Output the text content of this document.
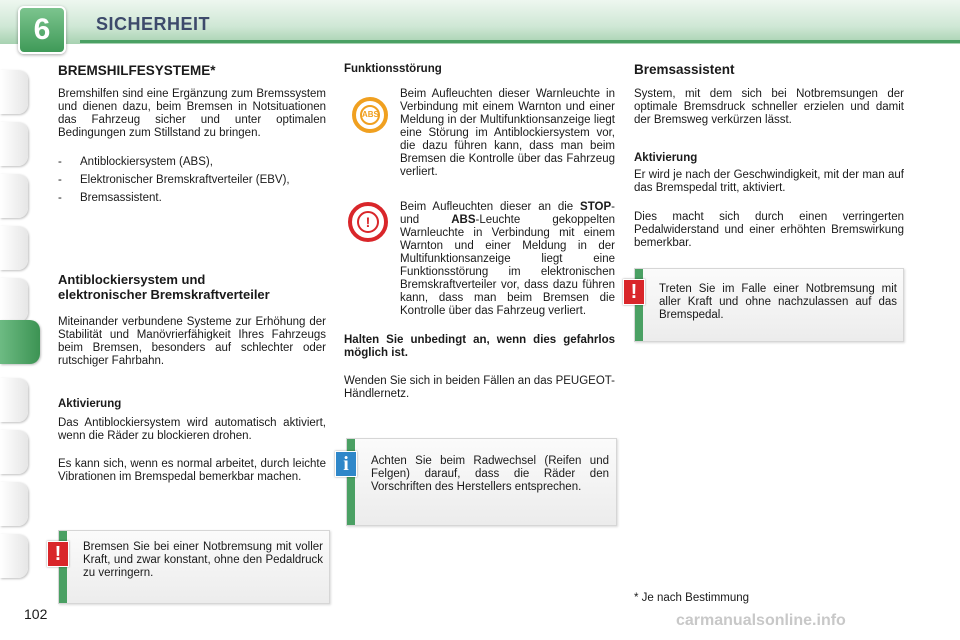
6	SICHERHEIT
BREMSHILFESYSTEME*

Bremshilfen sind eine Ergänzung zum Bremssystem und dienen dazu, beim Bremsen in Notsituationen das Fahrzeug sicher und unter optimalen Bedingungen zum Stillstand zu bringen.

- Antiblockiersystem (ABS),

- Elektronischer Bremskraftverteiler (EBV),

- Bremsassistent.

Antiblockiersystem und
elektronischer Bremskraftverteiler

Miteinander verbundene Systeme zur Erhöhung der Stabilität und Manövrierfähigkeit Ihres Fahrzeugs beim Bremsen, besonders auf schlechter oder rutschiger Fahrbahn.

Aktivierung

Das Antiblockiersystem wird automatisch aktiviert, wenn die Räder zu blockieren drohen.

Es kann sich, wenn es normal arbeitet, durch leichte Vibrationen im Bremspedal bemerkbar machen.

!	Bremsen Sie bei einer Notbremsung mit voller Kraft, und zwar konstant, ohne den Pedaldruck zu verringern.
102
Funktionsstörung
ABS

Beim Aufleuchten dieser Warnleuchte in Verbindung mit einem Warnton und einer Meldung in der Multifunktionsanzeige liegt eine Störung im Antiblockiersystem vor, die dazu führen kann, dass man beim Bremsen die Kontrolle über das Fahrzeug verliert.

!

Beim Aufleuchten dieser an die STOP- und	ABS-Leuchte gekoppelten Warnleuchte in Verbindung mit einem Warnton und einer Meldung in der Multifunktionsanzeige liegt eine Funktionsstörung im elektronischen Bremskraftverteiler vor, dass dazu führen kann, dass man beim Bremsen die Kontrolle über das Fahrzeug verliert.

Halten Sie unbedingt an, wenn dies gefahrlos möglich ist.

Wenden Sie sich in beiden Fällen an das PEUGEOT-Händlernetz.

i	Achten Sie beim Radwechsel (Reifen und Felgen) darauf, dass die Räder den Vorschriften des Herstellers entsprechen.
Bremsassistent

System, mit dem sich bei Notbremsungen der optimale Bremsdruck schneller erzielen und damit der Bremsweg verkürzen lässt.

Aktivierung

Er wird je nach der Geschwindigkeit, mit der man auf das Bremspedal tritt, aktiviert.

Dies macht sich durch einen verringerten Pedalwiderstand und einer erhöhten Bremswirkung bemerkbar.

!	Treten Sie im Falle einer Notbremsung mit aller Kraft und ohne nachzulassen auf das Bremspedal.
* Je nach Bestimmung
carmanualsonline.info
